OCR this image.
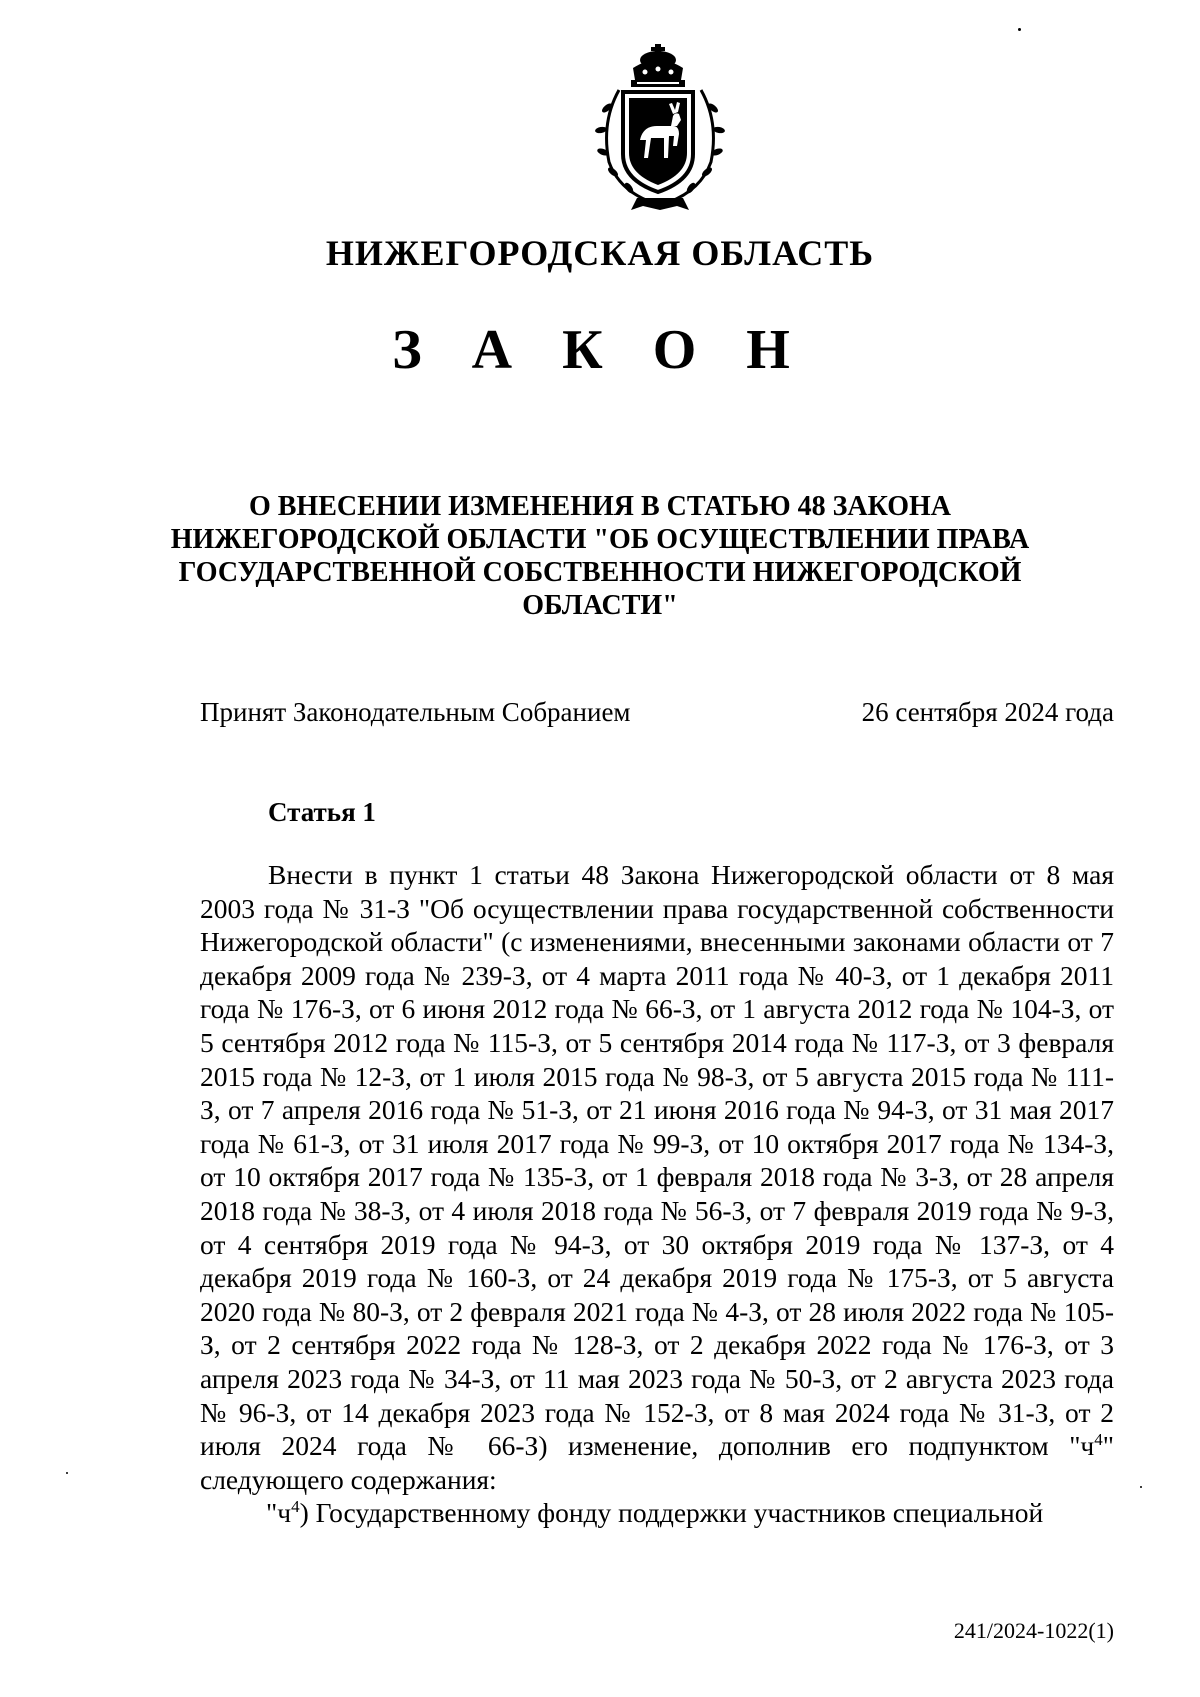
НИЖЕГОРОДСКАЯ ОБЛАСТЬ
З А К О Н
О ВНЕСЕНИИ ИЗМЕНЕНИЯ В СТАТЬЮ 48 ЗАКОНА НИЖЕГОРОДСКОЙ ОБЛАСТИ "ОБ ОСУЩЕСТВЛЕНИИ ПРАВА ГОСУДАРСТВЕННОЙ СОБСТВЕННОСТИ НИЖЕГОРОДСКОЙ ОБЛАСТИ"
Принят Законодательным Собранием	26 сентября 2024 года
Статья 1

Внести в пункт 1 статьи 48 Закона Нижегородской области от 8 мая 2003 года № 31-З "Об осуществлении права государственной собственности Нижегородской области" (с изменениями, внесенными законами области от 7 декабря 2009 года № 239-З, от 4 марта 2011 года № 40-З, от 1 декабря 2011 года № 176-З, от 6 июня 2012 года № 66-З, от 1 августа 2012 года № 104-З, от 5 сентября 2012 года № 115-З, от 5 сентября 2014 года № 117-З, от 3 февраля 2015 года № 12-З, от 1 июля 2015 года № 98-З, от 5 августа 2015 года № 111-З, от 7 апреля 2016 года № 51-З, от 21 июня 2016 года № 94-З, от 31 мая 2017 года № 61-З, от 31 июля 2017 года № 99-З, от 10 октября 2017 года № 134-З, от 10 октября 2017 года № 135-З, от 1 февраля 2018 года № 3-З, от 28 апреля 2018 года № 38-З, от 4 июля 2018 года № 56-З, от 7 февраля 2019 года № 9-З, от 4 сентября 2019 года № 94-З, от 30 октября 2019 года № 137-З, от 4 декабря 2019 года № 160-З, от 24 декабря 2019 года № 175-З, от 5 августа 2020 года № 80-З, от 2 февраля 2021 года № 4-З, от 28 июля 2022 года № 105-З, от 2 сентября 2022 года № 128-З, от 2 декабря 2022 года № 176-З, от 3 апреля 2023 года № 34-З, от 11 мая 2023 года № 50-З, от 2 августа 2023 года № 96-З, от 14 декабря 2023 года № 152-З, от 8 мая 2024 года № 31-З, от 2 июля 2024 года № 66-З) изменение, дополнив его подпунктом "$ч^4$" следующего содержания:

"$ч^4$) Государственному фонду поддержки участников специальной

241/2024-1022(1)
